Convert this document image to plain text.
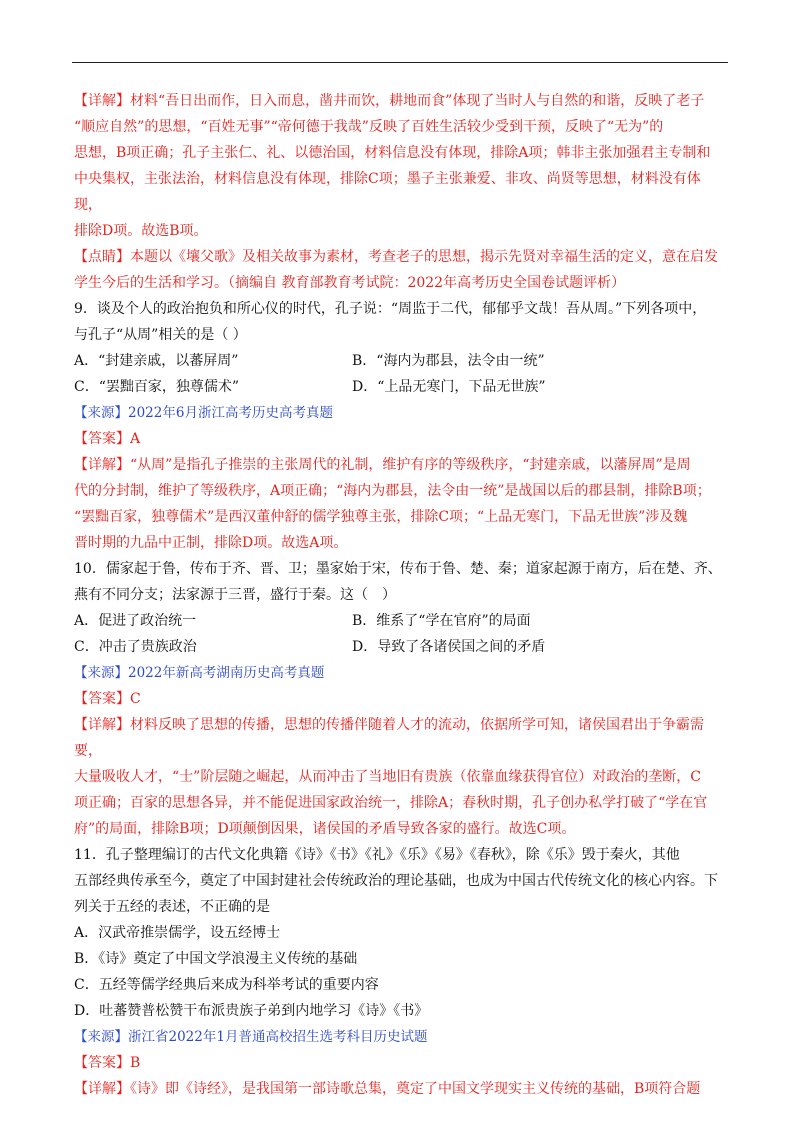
【详解】材料“吾日出而作，日入而息，凿井而饮，耕地而食”体现了当时人与自然的和谐，反映了老子

“顺应自然”的思想，“百姓无事”“帝何德于我哉”反映了百姓生活较少受到干预，反映了“无为”的

思想，B项正确；孔子主张仁、礼、以德治国，材料信息没有体现，排除A项；韩非主张加强君主专制和

中央集权，主张法治，材料信息没有体现，排除C项；墨子主张兼爱、非攻、尚贤等思想，材料没有体现，

排除D项。故选B项。

【点睛】本题以《壤父歌》及相关故事为素材，考查老子的思想，揭示先贤对幸福生活的定义，意在启发

学生今后的生活和学习。（摘编自 教育部教育考试院：2022年高考历史全国卷试题评析）

9．谈及个人的政治抱负和所心仪的时代，孔子说：“周监于二代，郁郁乎文哉！吾从周。”下列各项中，

与孔子“从周”相关的是（ ）

A．“封建亲戚，以蕃屏周”	B．“海内为郡县，法令由一统”
C．“罢黜百家，独尊儒术”	D．“上品无寒门，下品无世族”

【来源】2022年6月浙江高考历史高考真题

【答案】A

【详解】“从周”是指孔子推崇的主张周代的礼制，维护有序的等级秩序，“封建亲戚，以藩屏周”是周

代的分封制，维护了等级秩序，A项正确；“海内为郡县，法令由一统”是战国以后的郡县制，排除B项；

“罢黜百家，独尊儒术”是西汉董仲舒的儒学独尊主张，排除C项；“上品无寒门，下品无世族”涉及魏

晋时期的九品中正制，排除D项。故选A项。

10．儒家起于鲁，传布于齐、晋、卫；墨家始于宋，传布于鲁、楚、秦；道家起源于南方，后在楚、齐、

燕有不同分支；法家源于三晋，盛行于秦。这（　）

A．促进了政治统一	B．维系了“学在官府”的局面
C．冲击了贵族政治	D．导致了各诸侯国之间的矛盾

【来源】2022年新高考湖南历史高考真题

【答案】C

【详解】材料反映了思想的传播，思想的传播伴随着人才的流动，依据所学可知，诸侯国君出于争霸需要，

大量吸收人才，“士”阶层随之崛起，从而冲击了当地旧有贵族（依靠血缘获得官位）对政治的垄断，C

项正确；百家的思想各异，并不能促进国家政治统一，排除A；春秋时期，孔子创办私学打破了“学在官

府”的局面，排除B项；D项颠倒因果，诸侯国的矛盾导致各家的盛行。故选C项。

11．孔子整理编订的古代文化典籍《诗》《书》《礼》《乐》《易》《春秋》，除《乐》毁于秦火，其他

五部经典传承至今，奠定了中国封建社会传统政治的理论基础，也成为中国古代传统文化的核心内容。下

列关于五经的表述，不正确的是

A．汉武帝推崇儒学，设五经博士

B．《诗》奠定了中国文学浪漫主义传统的基础

C．五经等儒学经典后来成为科举考试的重要内容

D．吐蕃赞普松赞干布派贵族子弟到内地学习《诗》《书》

【来源】浙江省2022年1月普通高校招生选考科目历史试题

【答案】B

【详解】《诗》即《诗经》，是我国第一部诗歌总集，奠定了中国文学现实主义传统的基础，B项符合题
